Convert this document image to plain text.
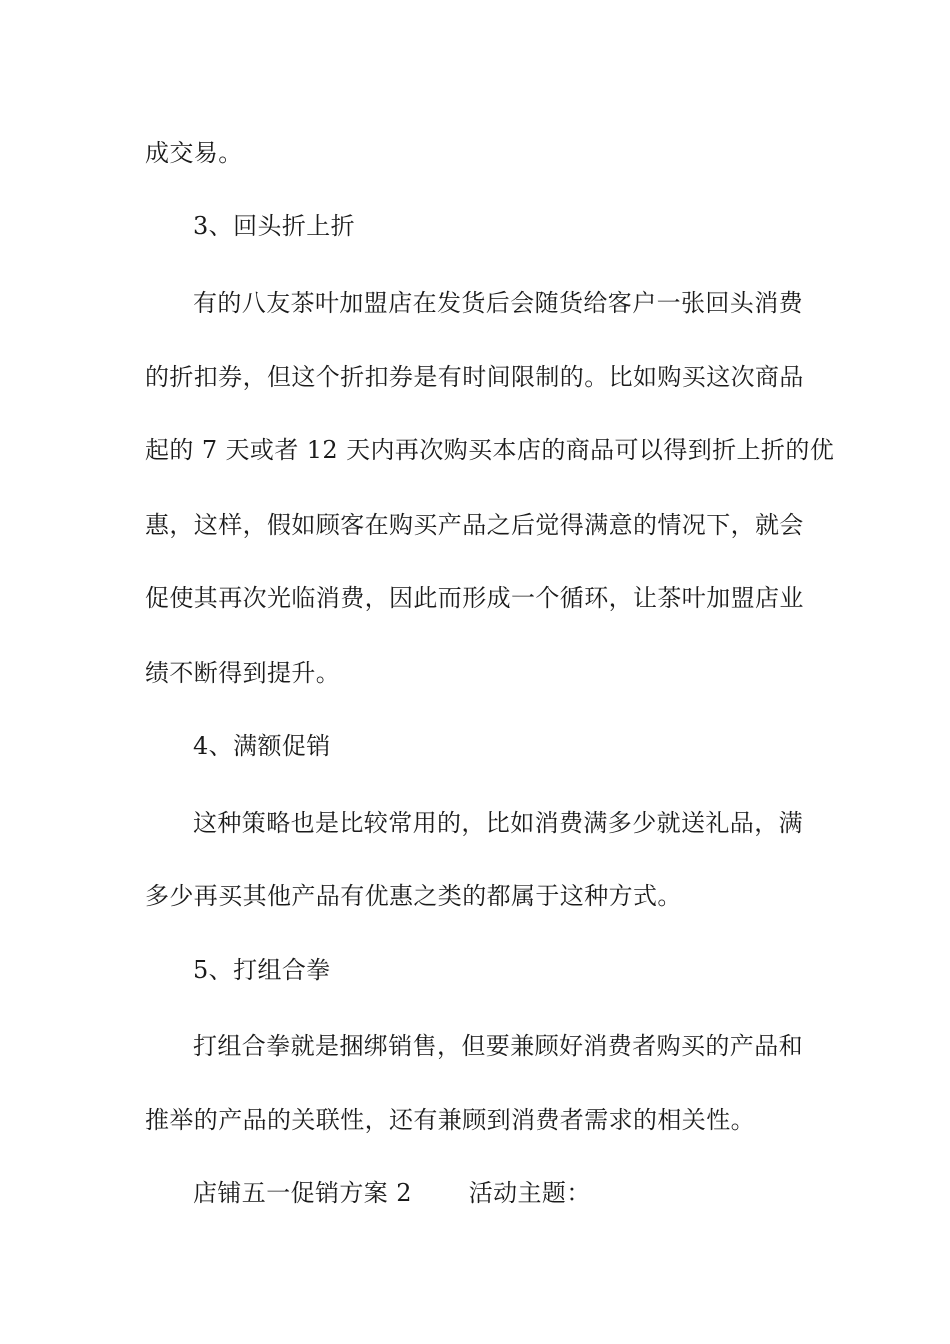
成交易。
3、回头折上折
有的八友茶叶加盟店在发货后会随货给客户一张回头消费
的折扣券，但这个折扣券是有时间限制的。比如购买这次商品
起的 7 天或者 12 天内再次购买本店的商品可以得到折上折的优
惠，这样，假如顾客在购买产品之后觉得满意的情况下，就会
促使其再次光临消费，因此而形成一个循环，让茶叶加盟店业
绩不断得到提升。
4、满额促销
这种策略也是比较常用的，比如消费满多少就送礼品，满
多少再买其他产品有优惠之类的都属于这种方式。
5、打组合拳
打组合拳就是捆绑销售，但要兼顾好消费者购买的产品和
推举的产品的关联性，还有兼顾到消费者需求的相关性。
店铺五一促销方案 2　　 活动主题：
